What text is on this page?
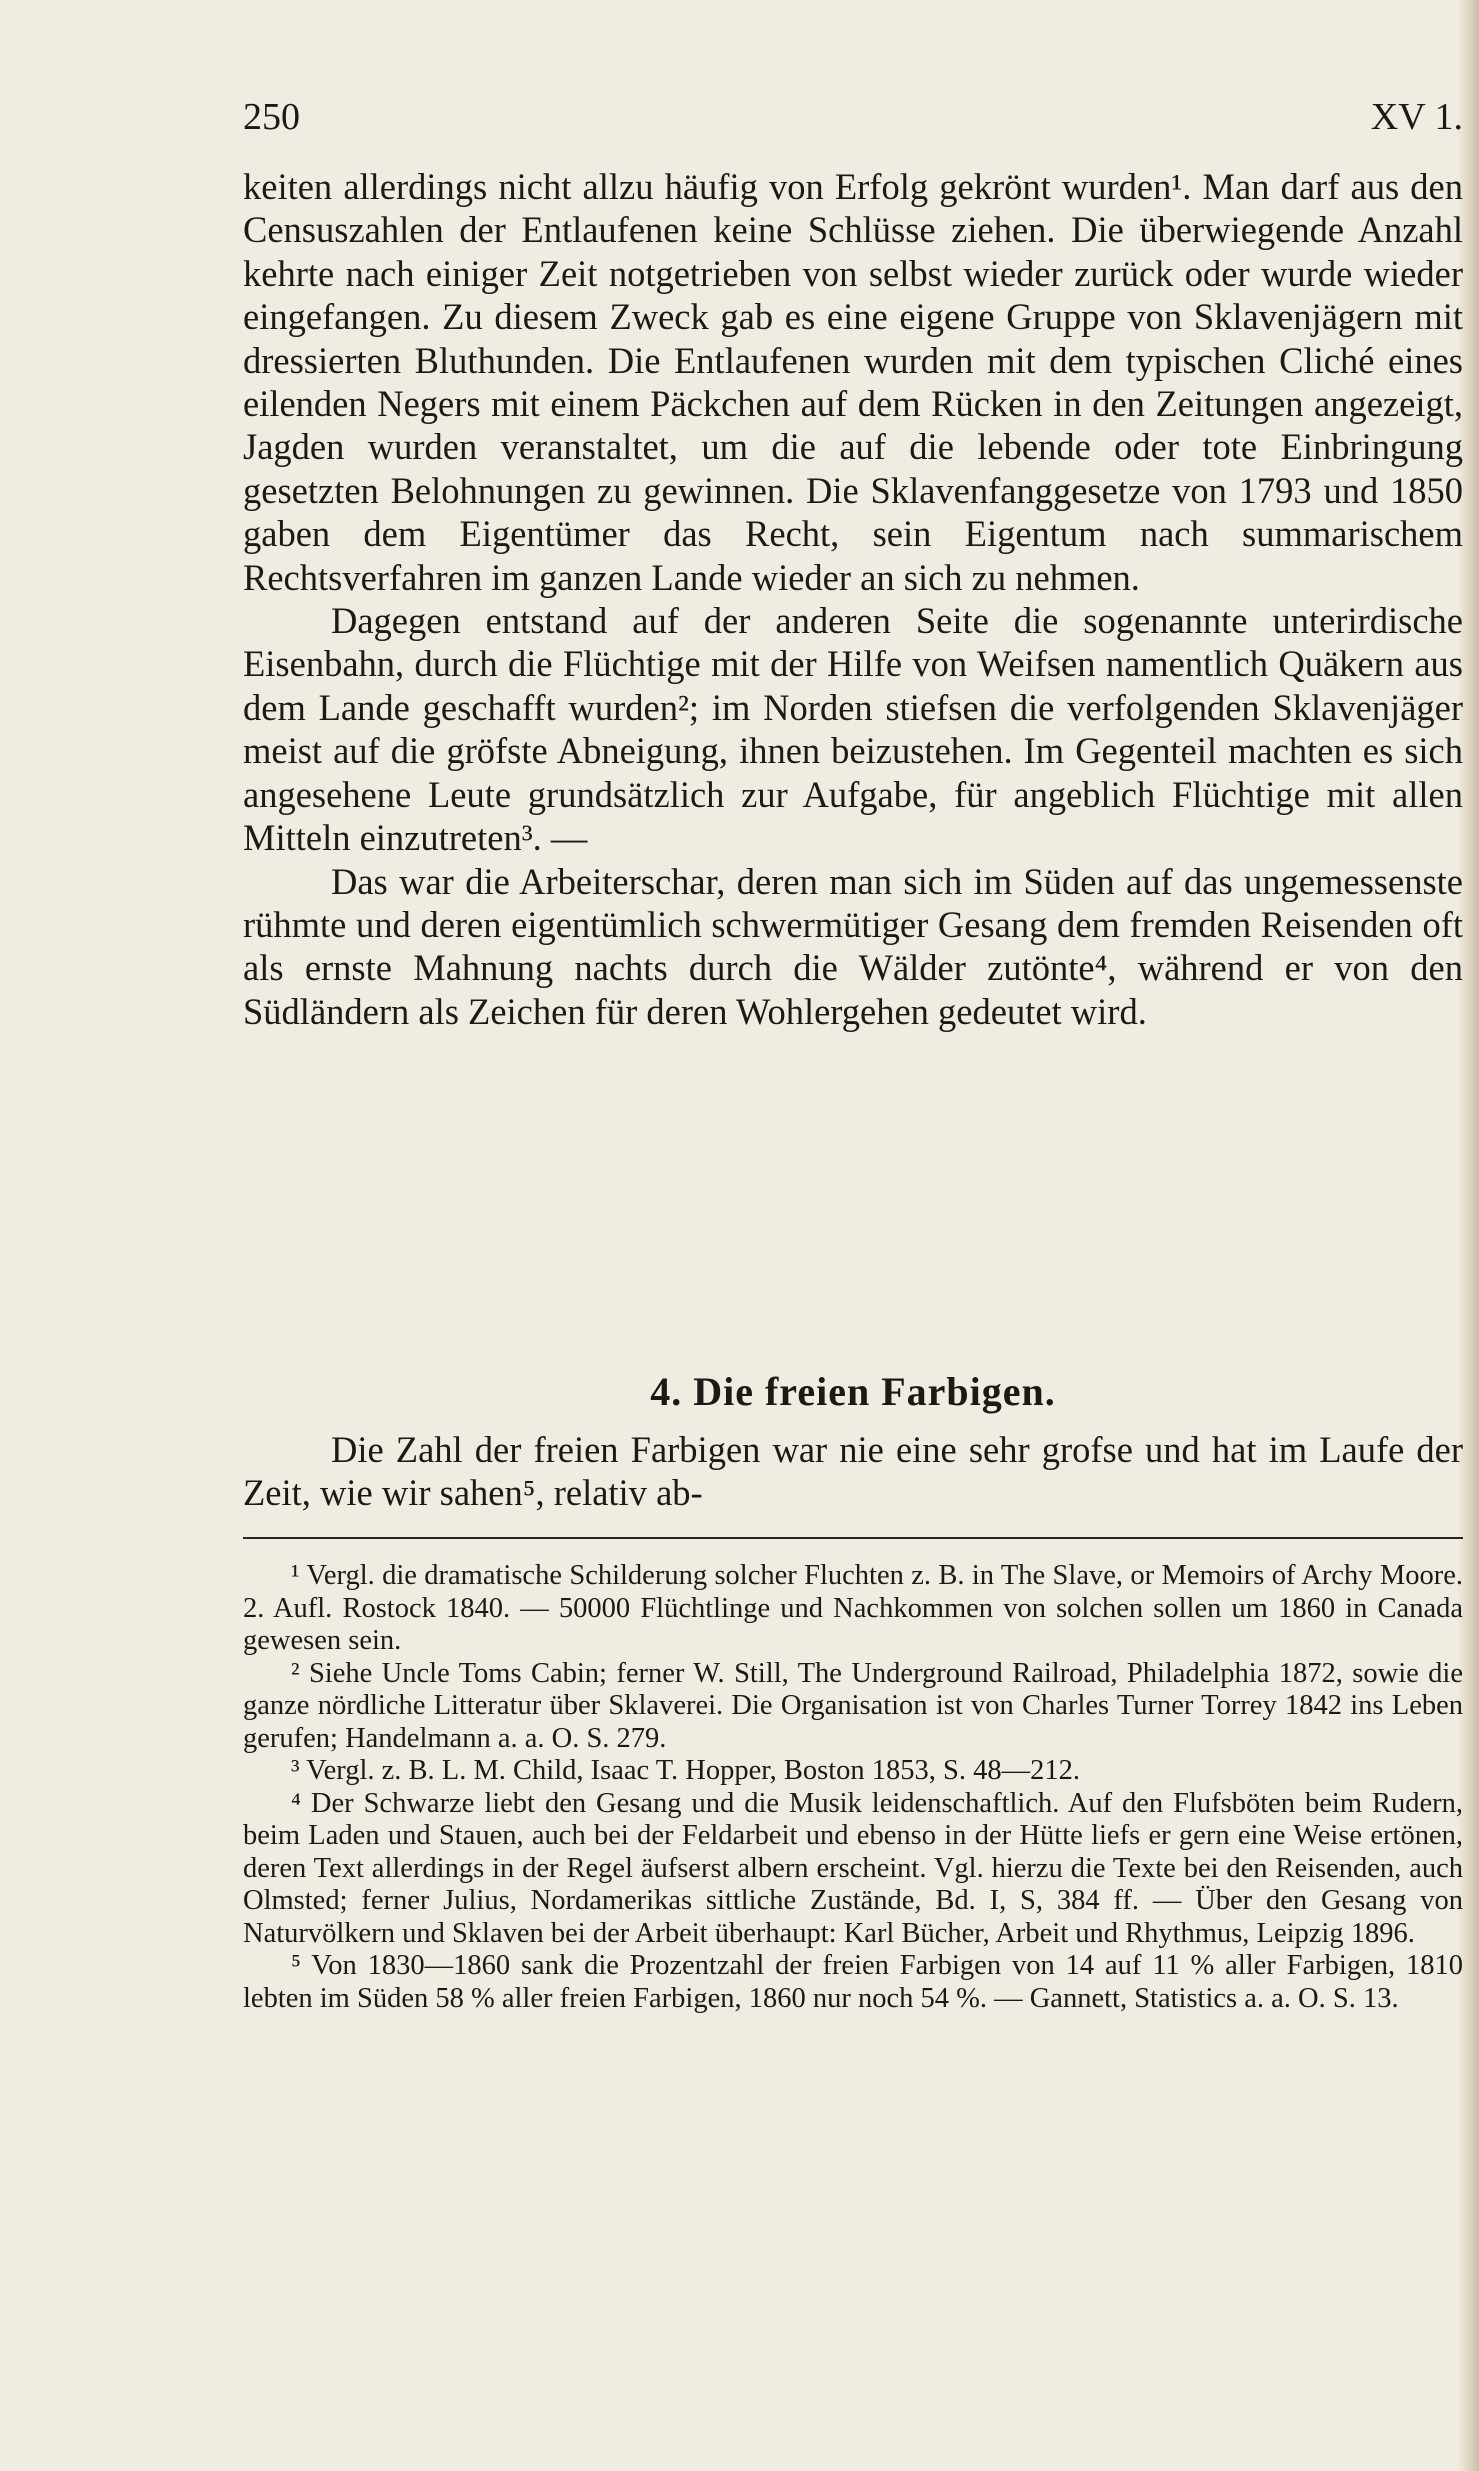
250	XV 1.

keiten allerdings nicht allzu häufig von Erfolg gekrönt wurden¹. Man darf aus den Censuszahlen der Entlaufenen keine Schlüsse ziehen. Die überwiegende Anzahl kehrte nach einiger Zeit notgetrieben von selbst wieder zurück oder wurde wieder eingefangen. Zu diesem Zweck gab es eine eigene Gruppe von Sklavenjägern mit dressierten Bluthunden. Die Entlaufenen wurden mit dem typischen Cliché eines eilenden Negers mit einem Päckchen auf dem Rücken in den Zeitungen angezeigt, Jagden wurden veranstaltet, um die auf die lebende oder tote Einbringung gesetzten Belohnungen zu gewinnen. Die Sklavenfanggesetze von 1793 und 1850 gaben dem Eigentümer das Recht, sein Eigentum nach summarischem Rechtsverfahren im ganzen Lande wieder an sich zu nehmen.

Dagegen entstand auf der anderen Seite die sogenannte unterirdische Eisenbahn, durch die Flüchtige mit der Hilfe von Weifsen namentlich Quäkern aus dem Lande geschafft wurden²; im Norden stiefsen die verfolgenden Sklavenjäger meist auf die gröfste Abneigung, ihnen beizustehen. Im Gegenteil machten es sich angesehene Leute grundsätzlich zur Aufgabe, für angeblich Flüchtige mit allen Mitteln einzutreten³. —

Das war die Arbeiterschar, deren man sich im Süden auf das ungemessenste rühmte und deren eigentümlich schwermütiger Gesang dem fremden Reisenden oft als ernste Mahnung nachts durch die Wälder zutönte⁴, während er von den Südländern als Zeichen für deren Wohlergehen gedeutet wird.

4. Die freien Farbigen.

Die Zahl der freien Farbigen war nie eine sehr grofse und hat im Laufe der Zeit, wie wir sahen⁵, relativ ab-

¹ Vergl. die dramatische Schilderung solcher Fluchten z. B. in The Slave, or Memoirs of Archy Moore. 2. Aufl. Rostock 1840. — 50000 Flüchtlinge und Nachkommen von solchen sollen um 1860 in Canada gewesen sein.

² Siehe Uncle Toms Cabin; ferner W. Still, The Underground Railroad, Philadelphia 1872, sowie die ganze nördliche Litteratur über Sklaverei. Die Organisation ist von Charles Turner Torrey 1842 ins Leben gerufen; Handelmann a. a. O. S. 279.

³ Vergl. z. B. L. M. Child, Isaac T. Hopper, Boston 1853, S. 48—212.

⁴ Der Schwarze liebt den Gesang und die Musik leidenschaftlich. Auf den Flufsböten beim Rudern, beim Laden und Stauen, auch bei der Feldarbeit und ebenso in der Hütte liefs er gern eine Weise ertönen, deren Text allerdings in der Regel äufserst albern erscheint. Vgl. hierzu die Texte bei den Reisenden, auch Olmsted; ferner Julius, Nordamerikas sittliche Zustände, Bd. I, S, 384 ff. — Über den Gesang von Naturvölkern und Sklaven bei der Arbeit überhaupt: Karl Bücher, Arbeit und Rhythmus, Leipzig 1896.

⁵ Von 1830—1860 sank die Prozentzahl der freien Farbigen von 14 auf 11 % aller Farbigen, 1810 lebten im Süden 58 % aller freien Farbigen, 1860 nur noch 54 %. — Gannett, Statistics a. a. O. S. 13.
